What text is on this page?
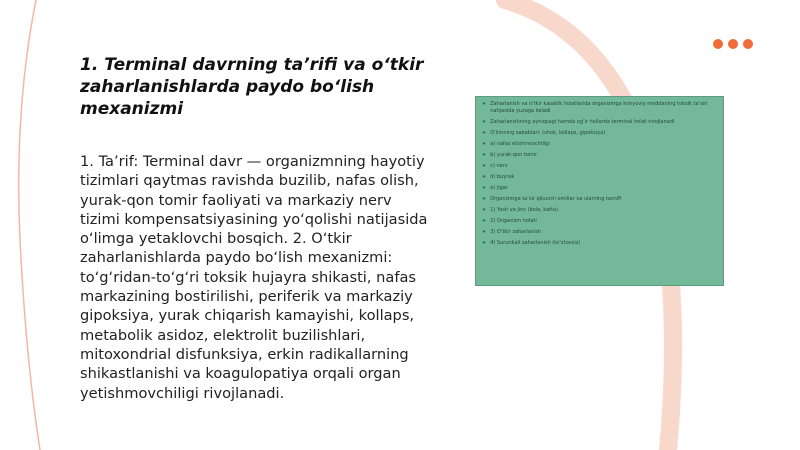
1. Terminal davrning ta’rifi va o‘tkir zaharlanishlarda paydo bo‘lish mexanizmi
1. Ta’rif: Terminal davr — organizmning hayotiy tizimlari qaytmas ravishda buzilib, nafas olish, yurak-qon tomir faoliyati va markaziy nerv tizimi kompensatsiyasining yo‘qolishi natijasida o‘limga yetaklovchi bosqich. 2. O‘tkir zaharlanishlarda paydo bo‘lish mexanizmi: to‘g‘ridan-to‘g‘ri toksik hujayra shikasti, nafas markazining bostirilishi, periferik va markaziy gipoksiya, yurak chiqarish kamayishi, kollaps, metabolik asidoz, elektrolit buzilishlari, mitoxondrial disfunksiya, erkin radikallarning shikastlanishi va koagulopatiya orqali organ yetishmovchiligi rivojlanadi.
➤ Zaharlanish va o‘tkir kasallik holatlarida organizmga kimyoviy moddaning toksik ta’siri natijasida yuzaga keladi
➤ Zaharlanishning ayniqsagi hamda og‘ir hollarda terminal holat rivojlanadi
➤ O‘limning sabablari: (shok, kollaps, gipoksiya)
➤ a) nafas etishmovchiligi
➤ b) yurak-qon tomir
➤ c) nerv
➤ d) buyrak
➤ e) jigar
➤ Organizmga ta’sir qiluvchi omillar va ularning tasnifi
➤ 1) Yosh va jins (bola, katta)
➤ 2) Organizm holati
➤ 3) O‘tkir zaharlanish
➤ 4) Surunkali zaharlanish (to‘xtovsiz)
